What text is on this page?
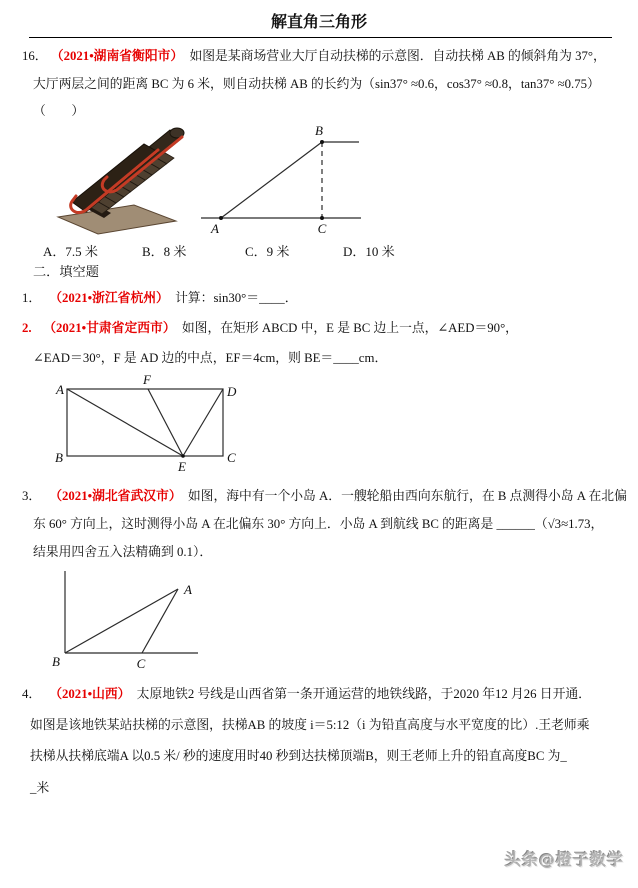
解直角三角形
16． （2021•湖南省衡阳市） 如图是某商场营业大厅自动扶梯的示意图．自动扶梯 AB 的倾斜角为 37°，
大厅两层之间的距离 BC 为 6 米，则自动扶梯 AB 的长约为（sin37° ≈0.6，cos37° ≈0.8，tan37° ≈0.75）
（　　）
A
B
C
A．7.5 米	B．8 米	C．9 米	D．10 米
二．填空题
1． （2021•浙江省杭州） 计算：sin30°＝____．
2. （2021•甘肃省定西市） 如图，在矩形 ABCD 中，E 是 BC 边上一点，∠AED＝90°，
∠EAD＝30°，F 是 AD 边的中点，EF＝4cm，则 BE＝____cm．
A
F
D
B	C
E
3． （2021•湖北省武汉市） 如图，海中有一个小岛 A．一艘轮船由西向东航行，在 B 点测得小岛 A 在北偏
东 60° 方向上，这时测得小岛 A 在北偏东 30° 方向上．小岛 A 到航线 BC 的距离是 ______（√3≈1.73，
结果用四舍五入法精确到 0.1）．
B	C
A
4． （2021•山西） 太原地铁2 号线是山西省第一条开通运营的地铁线路，于2020 年12 月26 日开通．
如图是该地铁某站扶梯的示意图，扶梯AB 的坡度 i＝5:12（i 为铅直高度与水平宽度的比）.王老师乘
扶梯从扶梯底端A 以0.5 米/ 秒的速度用时40 秒到达扶梯顶端B，则王老师上升的铅直高度BC 为_
_米
头条@橙子数学
